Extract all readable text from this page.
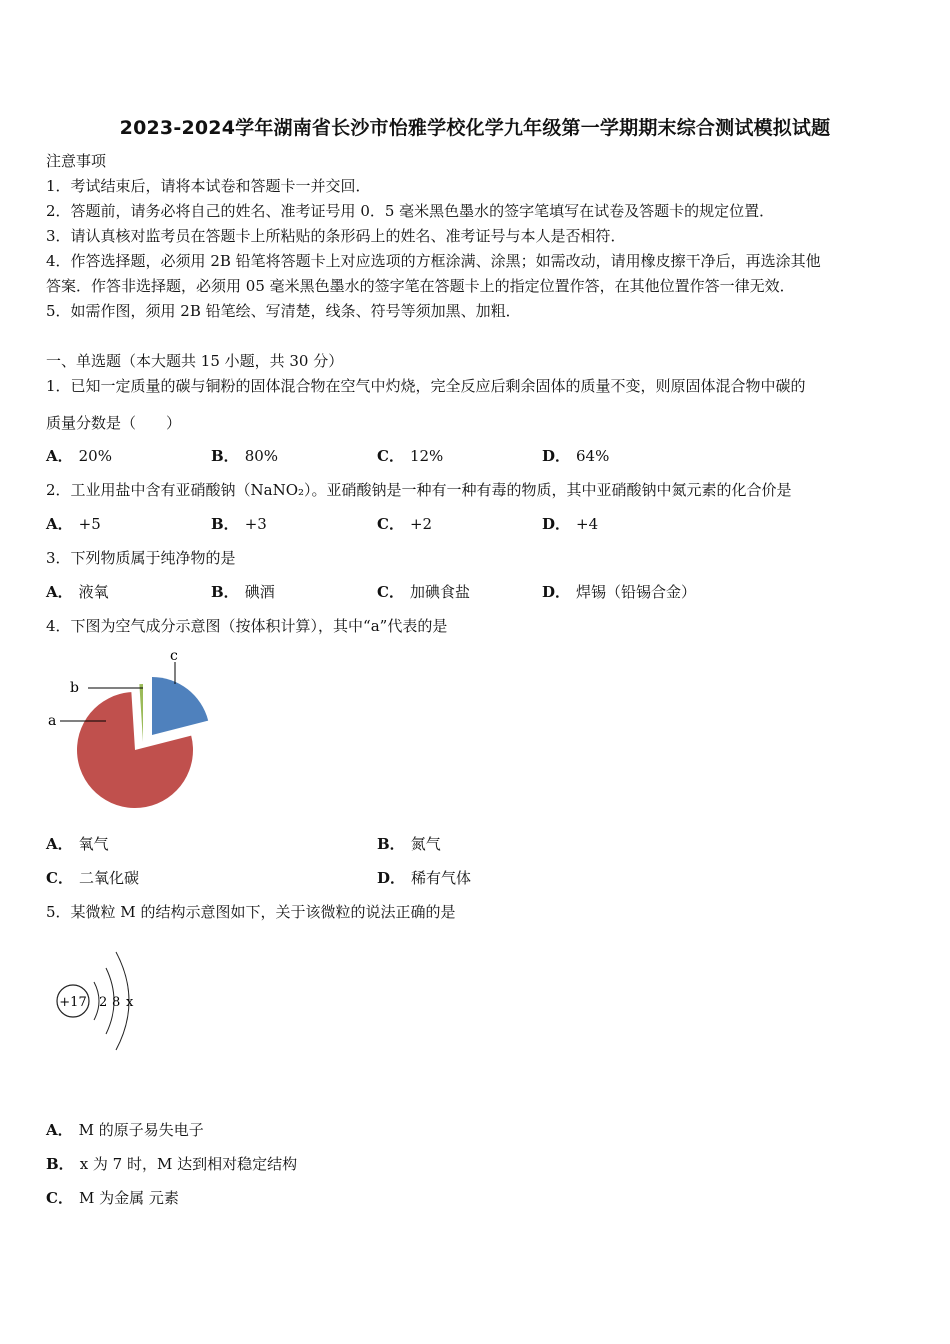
2023-2024学年湖南省长沙市怡雅学校化学九年级第一学期期末综合测试模拟试题
注意事项
1．考试结束后，请将本试卷和答题卡一并交回．
2．答题前，请务必将自己的姓名、准考证号用 0．5 毫米黑色墨水的签字笔填写在试卷及答题卡的规定位置．
3．请认真核对监考员在答题卡上所粘贴的条形码上的姓名、准考证号与本人是否相符．
4．作答选择题，必须用 2B 铅笔将答题卡上对应选项的方框涂满、涂黑；如需改动，请用橡皮擦干净后，再选涂其他
答案．作答非选择题，必须用 05 毫米黑色墨水的签字笔在答题卡上的指定位置作答，在其他位置作答一律无效．
5．如需作图，须用 2B 铅笔绘、写清楚，线条、符号等须加黑、加粗．
一、单选题（本大题共 15 小题，共 30 分）
1．已知一定质量的碳与铜粉的固体混合物在空气中灼烧，完全反应后剩余固体的质量不变，则原固体混合物中碳的
质量分数是（　　）
A． 20%	B． 80%	C． 12%	D． 64%
2．工业用盐中含有亚硝酸钠（NaNO₂）。亚硝酸钠是一种有一种有毒的物质，其中亚硝酸钠中氮元素的化合价是
A． +5	B． +3	C． +2	D． +4
3．下列物质属于纯净物的是
A． 液氧	B． 碘酒	C． 加碘食盐	D． 焊锡（铅锡合金）
4．下图为空气成分示意图（按体积计算），其中“a”代表的是
a
b
c
A． 氧气	B． 氮气
C． 二氧化碳	D． 稀有气体
5．某微粒 M 的结构示意图如下，关于该微粒的说法正确的是
+17 2 8 x
A． M 的原子易失电子
B． x 为 7 时，M 达到相对稳定结构
C． M 为金属 元素
